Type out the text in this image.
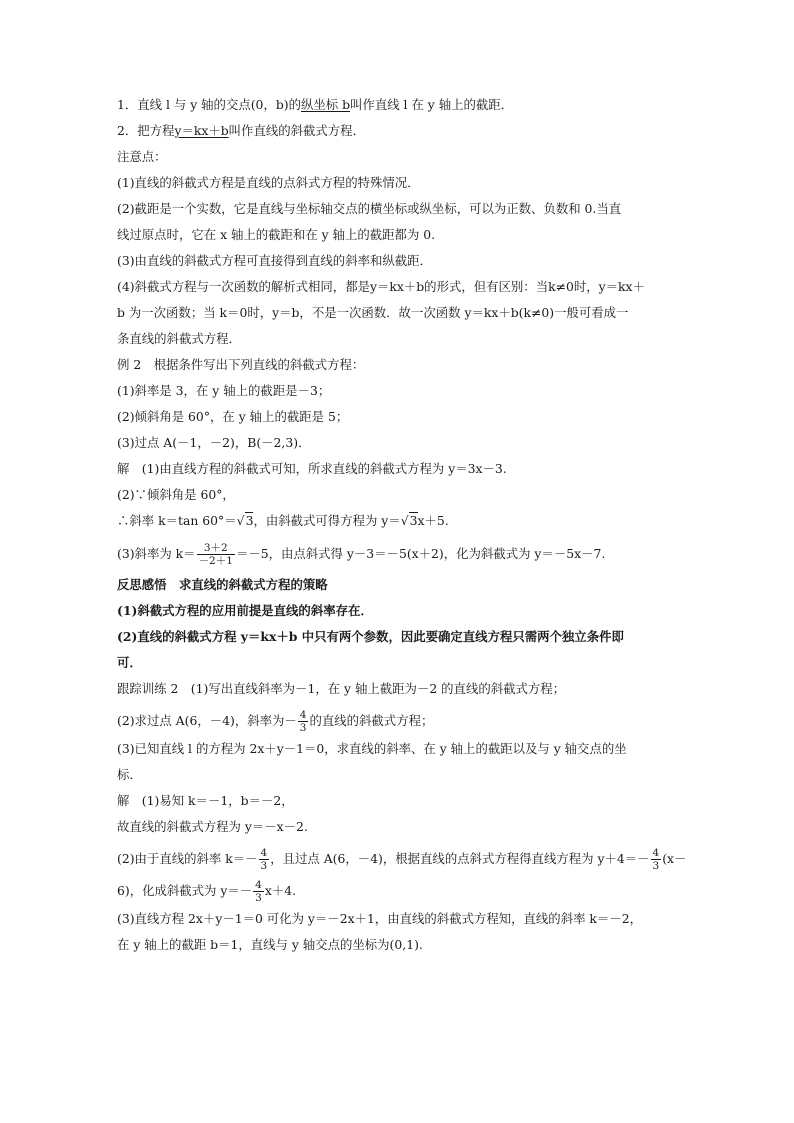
1．直线 l 与 y 轴的交点(0，b)的纵坐标 b叫作直线 l 在 y 轴上的截距．
2．把方程y＝kx＋b叫作直线的斜截式方程．
注意点：
(1)直线的斜截式方程是直线的点斜式方程的特殊情况．
(2)截距是一个实数，它是直线与坐标轴交点的横坐标或纵坐标，可以为正数、负数和 0.当直
线过原点时，它在 x 轴上的截距和在 y 轴上的截距都为 0.
(3)由直线的斜截式方程可直接得到直线的斜率和纵截距．
(4)斜截式方程与一次函数的解析式相同，都是y＝kx＋b的形式，但有区别：当k≠0时，y＝kx＋
b 为一次函数；当 k＝0时，y＝b，不是一次函数．故一次函数 y＝kx＋b(k≠0)一般可看成一
条直线的斜截式方程．
例 2　根据条件写出下列直线的斜截式方程：
(1)斜率是 3，在 y 轴上的截距是－3；
(2)倾斜角是 60°，在 y 轴上的截距是 5；
(3)过点 A(－1，－2)，B(－2,3)．
解　(1)由直线方程的斜截式可知，所求直线的斜截式方程为 y＝3x－3.
(2)∵倾斜角是 60°，
∴斜率 k＝tan 60°＝√3，由斜截式可得方程为 y＝√3x＋5.
(3)斜率为 $k= \frac{3+2}{-2+1} =-5$，由点斜式得 y－3＝－5(x＋2)，化为斜截式为 y＝－5x－7.
反思感悟　求直线的斜截式方程的策略
(1)斜截式方程的应用前提是直线的斜率存在．
(2)直线的斜截式方程 y＝kx＋b 中只有两个参数，因此要确定直线方程只需两个独立条件即
可．
跟踪训练 2　(1)写出直线斜率为－1，在 y 轴上截距为－2 的直线的斜截式方程；
(2)求过点 A(6，－4)，斜率为－ $\frac{4}{3}$ 的直线的斜截式方程；
(3)已知直线 l 的方程为 2x＋y－1＝0，求直线的斜率、在 y 轴上的截距以及与 y 轴交点的坐
标．
解　(1)易知 k＝－1，b＝－2，
故直线的斜截式方程为 y＝－x－2.
(2)由于直线的斜率 $k=- \frac{4}{3}$ ，且过点 A(6，－4)，根据直线的点斜式方程得直线方程为 $y+4=- \frac{4}{3} (x-$
6)，化成斜截式为 $y=- \frac{4}{3} x+4$.
(3)直线方程 2x＋y－1＝0 可化为 y＝－2x＋1，由直线的斜截式方程知，直线的斜率 k＝－2，
在 y 轴上的截距 b＝1，直线与 y 轴交点的坐标为(0,1).
